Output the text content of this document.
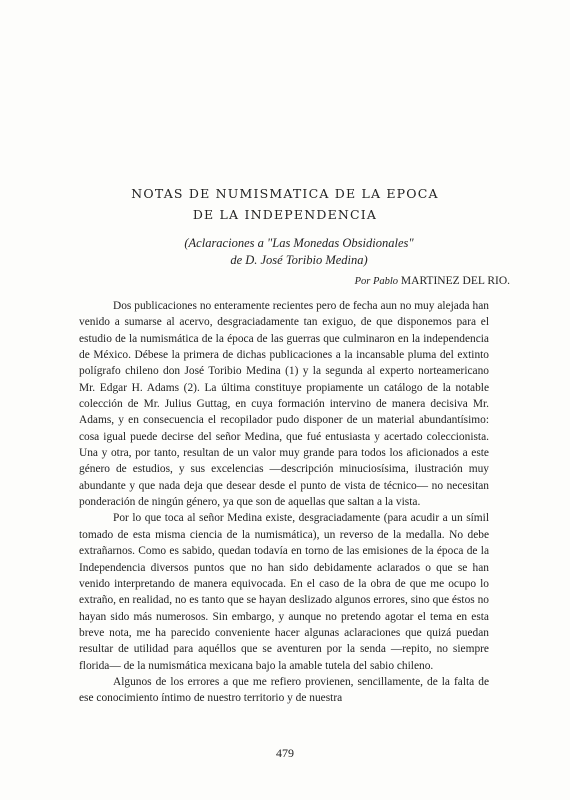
NOTAS DE NUMISMATICA DE LA EPOCA
DE LA INDEPENDENCIA
(Aclaraciones a "Las Monedas Obsidionales"
de D. José Toribio Medina)
Por Pablo MARTINEZ DEL RIO.

Dos publicaciones no enteramente recientes pero de fecha aun no muy alejada han venido a sumarse al acervo, desgraciadamente tan exiguo, de que disponemos para el estudio de la numismática de la época de las guerras que culminaron en la independencia de México. Débese la primera de dichas publicaciones a la incansable pluma del extinto polígrafo chileno don José Toribio Medina (1) y la segunda al experto norteamericano Mr. Edgar H. Adams (2). La última constituye propiamente un catálogo de la notable colección de Mr. Julius Guttag, en cuya formación intervino de manera decisiva Mr. Adams, y en consecuencia el recopilador pudo disponer de un material abundantísimo: cosa igual puede decirse del señor Medina, que fué entusiasta y acertado coleccionista. Una y otra, por tanto, resultan de un valor muy grande para todos los aficionados a este género de estudios, y sus excelencias —descripción minuciosísima, ilustración muy abundante y que nada deja que desear desde el punto de vista de técnico— no necesitan ponderación de ningún género, ya que son de aquellas que saltan a la vista.

Por lo que toca al señor Medina existe, desgraciadamente (para acudir a un símil tomado de esta misma ciencia de la numismática), un reverso de la medalla. No debe extrañarnos. Como es sabido, quedan todavía en torno de las emisiones de la época de la Independencia diversos puntos que no han sido debidamente aclarados o que se han venido interpretando de manera equivocada. En el caso de la obra de que me ocupo lo extraño, en realidad, no es tanto que se hayan deslizado algunos errores, sino que éstos no hayan sido más numerosos. Sin embargo, y aunque no pretendo agotar el tema en esta breve nota, me ha parecido conveniente hacer algunas aclaraciones que quizá puedan resultar de utilidad para aquéllos que se aventuren por la senda —repito, no siempre florida— de la numismática mexicana bajo la amable tutela del sabio chileno.

Algunos de los errores a que me refiero provienen, sencillamente, de la falta de ese conocimiento íntimo de nuestro territorio y de nuestra

479
